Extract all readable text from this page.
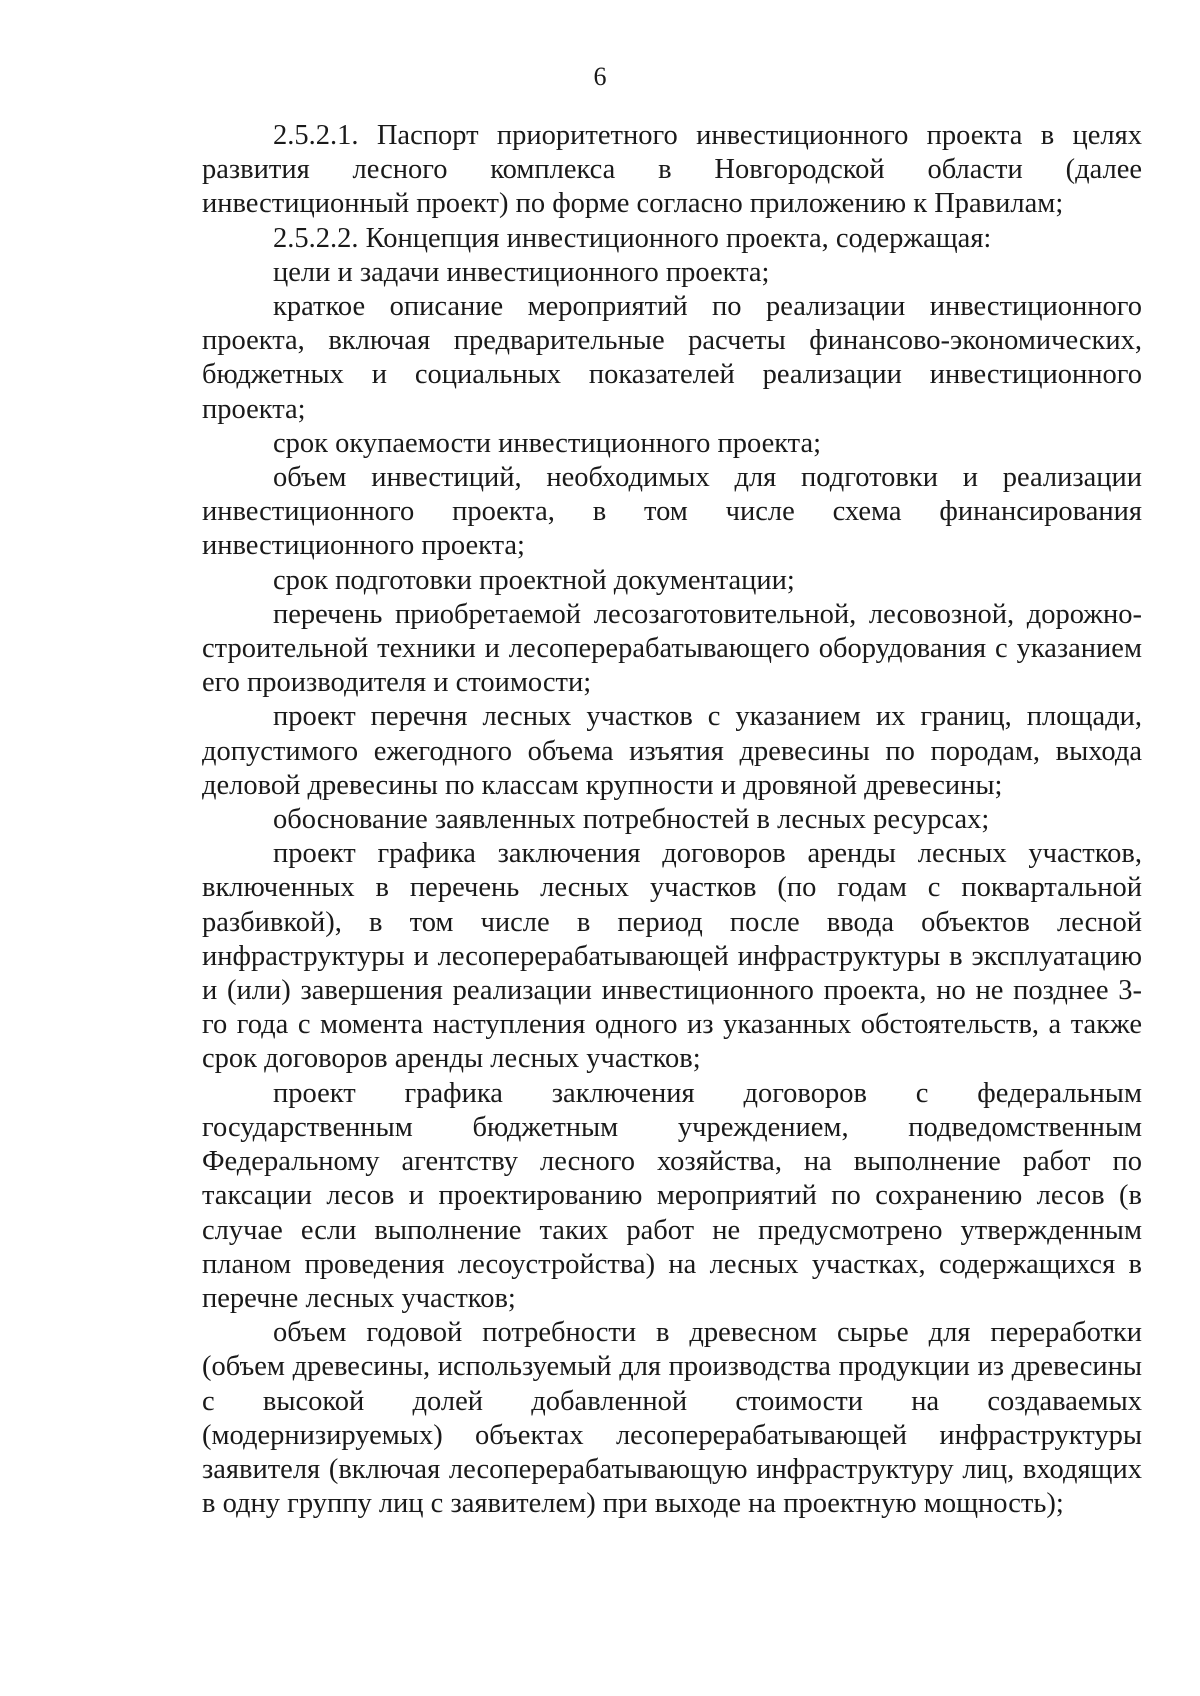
6

2.5.2.1. Паспорт приоритетного инвестиционного проекта в целях развития лесного комплекса в Новгородской области (далее инвестиционный проект) по форме согласно приложению к Правилам;

2.5.2.2. Концепция инвестиционного проекта, содержащая:

цели и задачи инвестиционного проекта;

краткое описание мероприятий по реализации инвестиционного проекта, включая предварительные расчеты финансово-экономических, бюджетных и социальных показателей реализации инвестиционного проекта;

срок окупаемости инвестиционного проекта;

объем инвестиций, необходимых для подготовки и реализации инвестиционного проекта, в том числе схема финансирования инвестиционного проекта;

срок подготовки проектной документации;

перечень приобретаемой лесозаготовительной, лесовозной, дорожно-строительной техники и лесоперерабатывающего оборудования с указанием его производителя и стоимости;

проект перечня лесных участков с указанием их границ, площади, допустимого ежегодного объема изъятия древесины по породам, выхода деловой древесины по классам крупности и дровяной древесины;

обоснование заявленных потребностей в лесных ресурсах;

проект графика заключения договоров аренды лесных участков, включенных в перечень лесных участков (по годам с поквартальной разбивкой), в том числе в период после ввода объектов лесной инфраструктуры и лесоперерабатывающей инфраструктуры в эксплуатацию и (или) завершения реализации инвестиционного проекта, но не позднее 3-го года с момента наступления одного из указанных обстоятельств, а также срок договоров аренды лесных участков;

проект графика заключения договоров с федеральным государственным бюджетным учреждением, подведомственным Федеральному агентству лесного хозяйства, на выполнение работ по таксации лесов и проектированию мероприятий по сохранению лесов (в случае если выполнение таких работ не предусмотрено утвержденным планом проведения лесоустройства) на лесных участках, содержащихся в перечне лесных участков;

объем годовой потребности в древесном сырье для переработки (объем древесины, используемый для производства продукции из древесины с высокой долей добавленной стоимости на создаваемых (модернизируемых) объектах лесоперерабатывающей инфраструктуры заявителя (включая лесоперерабатывающую инфраструктуру лиц, входящих в одну группу лиц с заявителем) при выходе на проектную мощность);
